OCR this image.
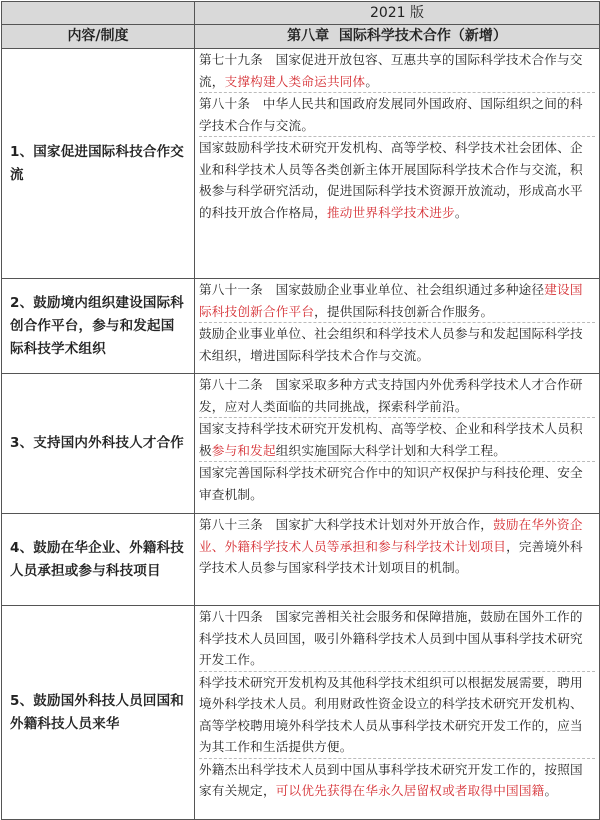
	2021 版
内容/制度	第八章  国际科学技术合作（新增）
1、国家促进国际科技合作交流	第七十九条   国家促进开放包容、互惠共享的国际科学技术合作与交流，支撑构建人类命运共同体。

第八十条   中华人民共和国政府发展同外国政府、国际组织之间的科学技术合作与交流。

国家鼓励科学技术研究开发机构、高等学校、科学技术社会团体、企业和科学技术人员等各类创新主体开展国际科学技术合作与交流，积极参与科学研究活动，促进国际科学技术资源开放流动，形成高水平的科技开放合作格局，推动世界科学技术进步。

2、鼓励境内组织建设国际科创合作平台，参与和发起国际科技学术组织	第八十一条   国家鼓励企业事业单位、社会组织通过多种途径建设国际科技创新合作平台，提供国际科技创新合作服务。

鼓励企业事业单位、社会组织和科学技术人员参与和发起国际科学技术组织，增进国际科学技术合作与交流。

3、支持国内外科技人才合作	第八十二条   国家采取多种方式支持国内外优秀科学技术人才合作研发，应对人类面临的共同挑战，探索科学前沿。

国家支持科学技术研究开发机构、高等学校、企业和科学技术人员积极参与和发起组织实施国际大科学计划和大科学工程。

国家完善国际科学技术研究合作中的知识产权保护与科技伦理、安全审查机制。

4、鼓励在华企业、外籍科技人员承担或参与科技项目	第八十三条   国家扩大科学技术计划对外开放合作，鼓励在华外资企业、外籍科学技术人员等承担和参与科学技术计划项目，完善境外科学技术人员参与国家科学技术计划项目的机制。

5、鼓励国外科技人员回国和外籍科技人员来华	第八十四条   国家完善相关社会服务和保障措施，鼓励在国外工作的科学技术人员回国，吸引外籍科学技术人员到中国从事科学技术研究开发工作。

科学技术研究开发机构及其他科学技术组织可以根据发展需要，聘用境外科学技术人员。利用财政性资金设立的科学技术研究开发机构、高等学校聘用境外科学技术人员从事科学技术研究开发工作的，应当为其工作和生活提供方便。

外籍杰出科学技术人员到中国从事科学技术研究开发工作的，按照国家有关规定，可以优先获得在华永久居留权或者取得中国国籍。
